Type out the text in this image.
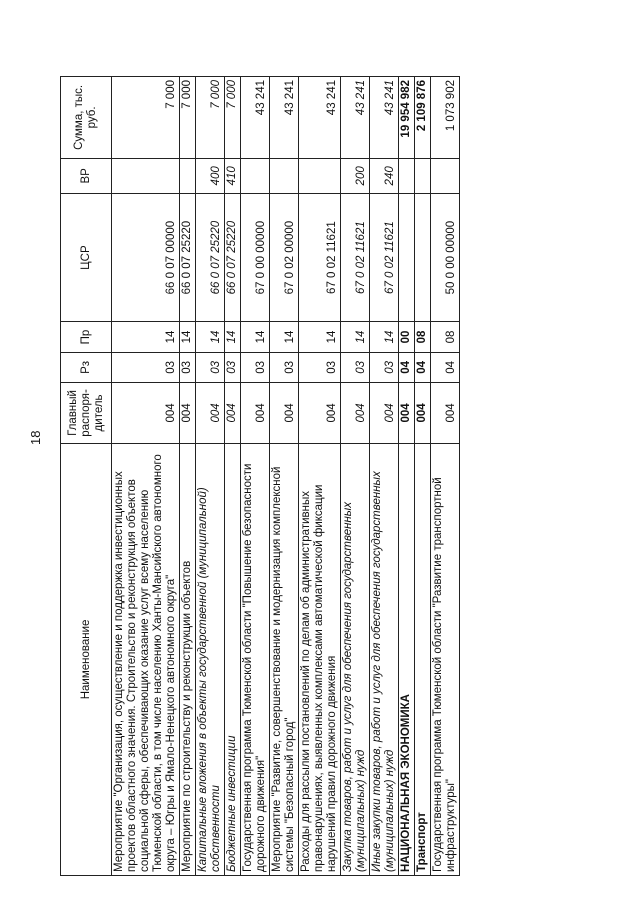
18
Наименование	Главный распоря-дитель	Рз	Пр	ЦСР	ВР	Сумма, тыс. руб.
Мероприятие "Организация, осуществление и поддержка инвестиционных проектов областного значения. Строительство и реконструкция объектов социальной сферы, обеспечивающих оказание услуг всему населению Тюменской области, в том числе населению Ханты-Мансийского автономного округа – Югры и Ямало-Ненецкого автономного округа"	004	03	14	66 0 07 00000		7 000
Мероприятие по строительству и реконструкции объектов	004	03	14	66 0 07 25220		7 000
Капитальные вложения в объекты государственной (муниципальной) собственности	004	03	14	66 0 07 25220	400	7 000
Бюджетные инвестиции	004	03	14	66 0 07 25220	410	7 000
Государственная программа Тюменской области "Повышение безопасности дорожного движения"	004	03	14	67 0 00 00000		43 241
Мероприятие "Развитие, совершенствование и модернизация комплексной системы "Безопасный город"	004	03	14	67 0 02 00000		43 241
Расходы для рассылки постановлений по делам об административных правонарушениях, выявленных комплексами автоматической фиксации нарушений правил дорожного движения	004	03	14	67 0 02 11621		43 241
Закупка товаров, работ и услуг для обеспечения государственных (муниципальных) нужд	004	03	14	67 0 02 11621	200	43 241
Иные закупки товаров, работ и услуг для обеспечения государственных (муниципальных) нужд	004	03	14	67 0 02 11621	240	43 241
НАЦИОНАЛЬНАЯ ЭКОНОМИКА	004	04	00			19 954 982
Транспорт	004	04	08			2 109 876
Государственная программа Тюменской области "Развитие транспортной инфраструктуры"	004	04	08	50 0 00 00000		1 073 902
